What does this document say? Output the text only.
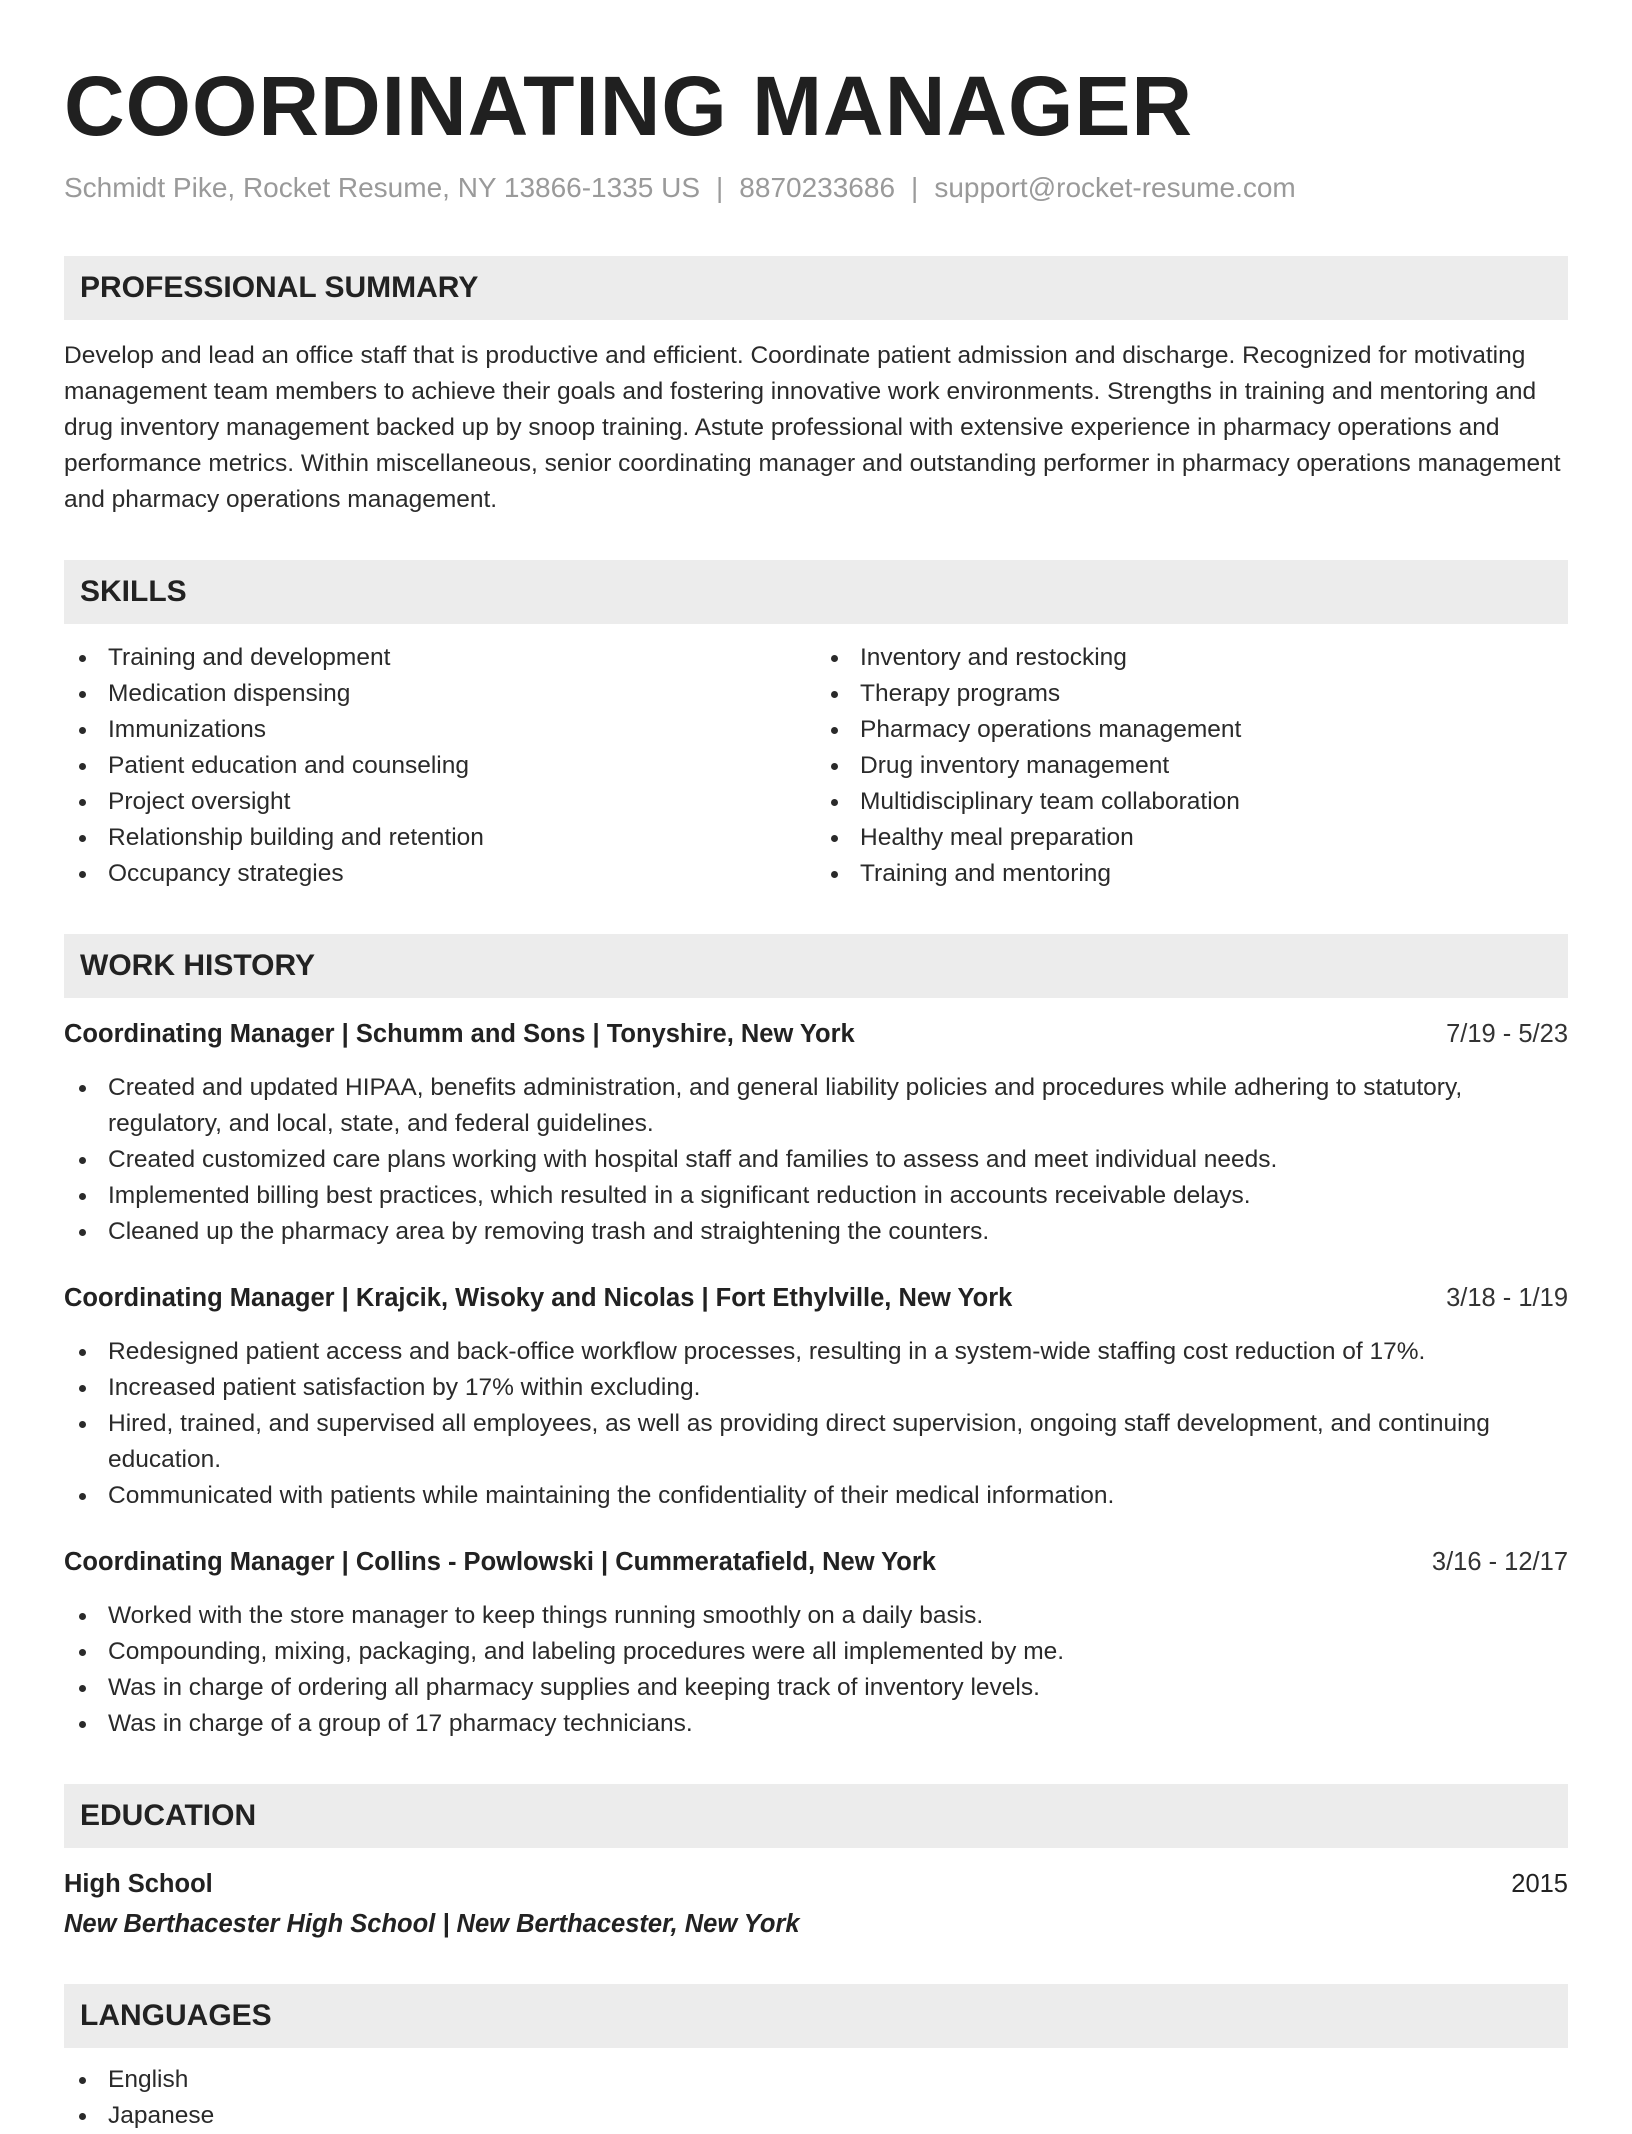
COORDINATING MANAGER
Schmidt Pike, Rocket Resume, NY 13866-1335 US | 8870233686 | support@rocket-resume.com
PROFESSIONAL SUMMARY
Develop and lead an office staff that is productive and efficient. Coordinate patient admission and discharge. Recognized for motivating management team members to achieve their goals and fostering innovative work environments. Strengths in training and mentoring and drug inventory management backed up by snoop training. Astute professional with extensive experience in pharmacy operations and performance metrics. Within miscellaneous, senior coordinating manager and outstanding performer in pharmacy operations management and pharmacy operations management.
SKILLS
Training and development
Medication dispensing
Immunizations
Patient education and counseling
Project oversight
Relationship building and retention
Occupancy strategies
Inventory and restocking
Therapy programs
Pharmacy operations management
Drug inventory management
Multidisciplinary team collaboration
Healthy meal preparation
Training and mentoring
WORK HISTORY
Coordinating Manager | Schumm and Sons | Tonyshire, New York	7/19 - 5/23
Created and updated HIPAA, benefits administration, and general liability policies and procedures while adhering to statutory, regulatory, and local, state, and federal guidelines.
Created customized care plans working with hospital staff and families to assess and meet individual needs.
Implemented billing best practices, which resulted in a significant reduction in accounts receivable delays.
Cleaned up the pharmacy area by removing trash and straightening the counters.
Coordinating Manager | Krajcik, Wisoky and Nicolas | Fort Ethylville, New York	3/18 - 1/19
Redesigned patient access and back-office workflow processes, resulting in a system-wide staffing cost reduction of 17%.
Increased patient satisfaction by 17% within excluding.
Hired, trained, and supervised all employees, as well as providing direct supervision, ongoing staff development, and continuing education.
Communicated with patients while maintaining the confidentiality of their medical information.
Coordinating Manager | Collins - Powlowski | Cummeratafield, New York	3/16 - 12/17
Worked with the store manager to keep things running smoothly on a daily basis.
Compounding, mixing, packaging, and labeling procedures were all implemented by me.
Was in charge of ordering all pharmacy supplies and keeping track of inventory levels.
Was in charge of a group of 17 pharmacy technicians.
EDUCATION
High School	2015
New Berthacester High School | New Berthacester, New York
LANGUAGES
English
Japanese
